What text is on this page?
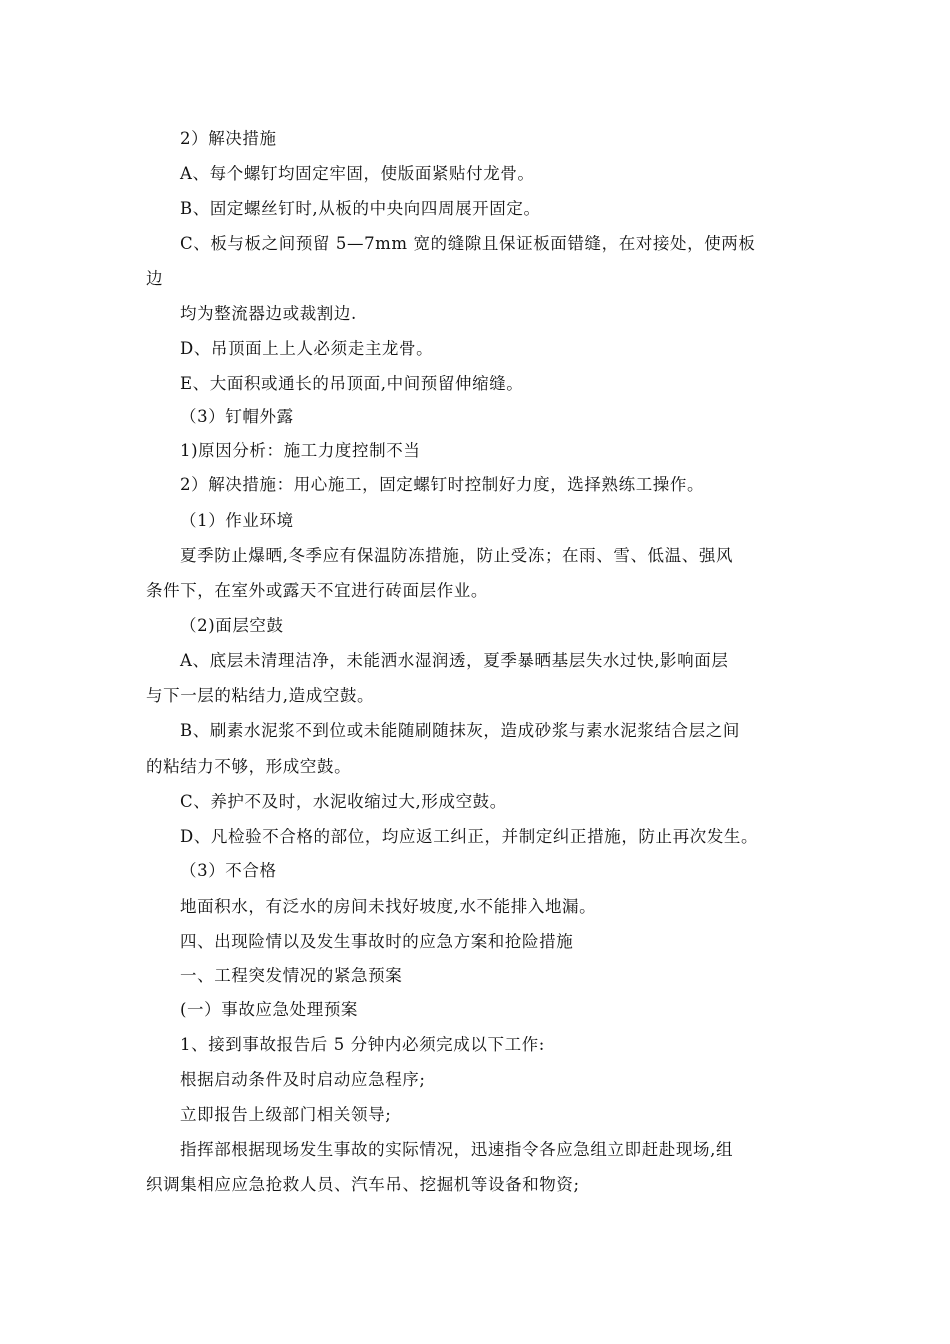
2）解决措施
A、每个螺钉均固定牢固，使版面紧贴付龙骨。
B、固定螺丝钉时,从板的中央向四周展开固定。
C、板与板之间预留 5—7mm 宽的缝隙且保证板面错缝，在对接处，使两板
边
均为整流器边或裁割边.
D、吊顶面上上人必须走主龙骨。
E、大面积或通长的吊顶面,中间预留伸缩缝。
（3）钉帽外露
1)原因分析：施工力度控制不当
2）解决措施：用心施工，固定螺钉时控制好力度，选择熟练工操作。
（1）作业环境
夏季防止爆晒,冬季应有保温防冻措施，防止受冻；在雨、雪、低温、强风
条件下，在室外或露天不宜进行砖面层作业。
（2)面层空鼓
A、底层未清理洁净，未能洒水湿润透，夏季暴晒基层失水过快,影响面层
与下一层的粘结力,造成空鼓。
B、刷素水泥浆不到位或未能随刷随抹灰，造成砂浆与素水泥浆结合层之间
的粘结力不够，形成空鼓。
C、养护不及时，水泥收缩过大,形成空鼓。
D、凡检验不合格的部位，均应返工纠正，并制定纠正措施，防止再次发生。
（3）不合格
地面积水，有泛水的房间未找好坡度,水不能排入地漏。
四、出现险情以及发生事故时的应急方案和抢险措施
一、工程突发情况的紧急预案
(一）事故应急处理预案
1、接到事故报告后 5 分钟内必须完成以下工作:
根据启动条件及时启动应急程序;
立即报告上级部门相关领导;
指挥部根据现场发生事故的实际情况，迅速指令各应急组立即赶赴现场,组
织调集相应应急抢救人员、汽车吊、挖掘机等设备和物资;
